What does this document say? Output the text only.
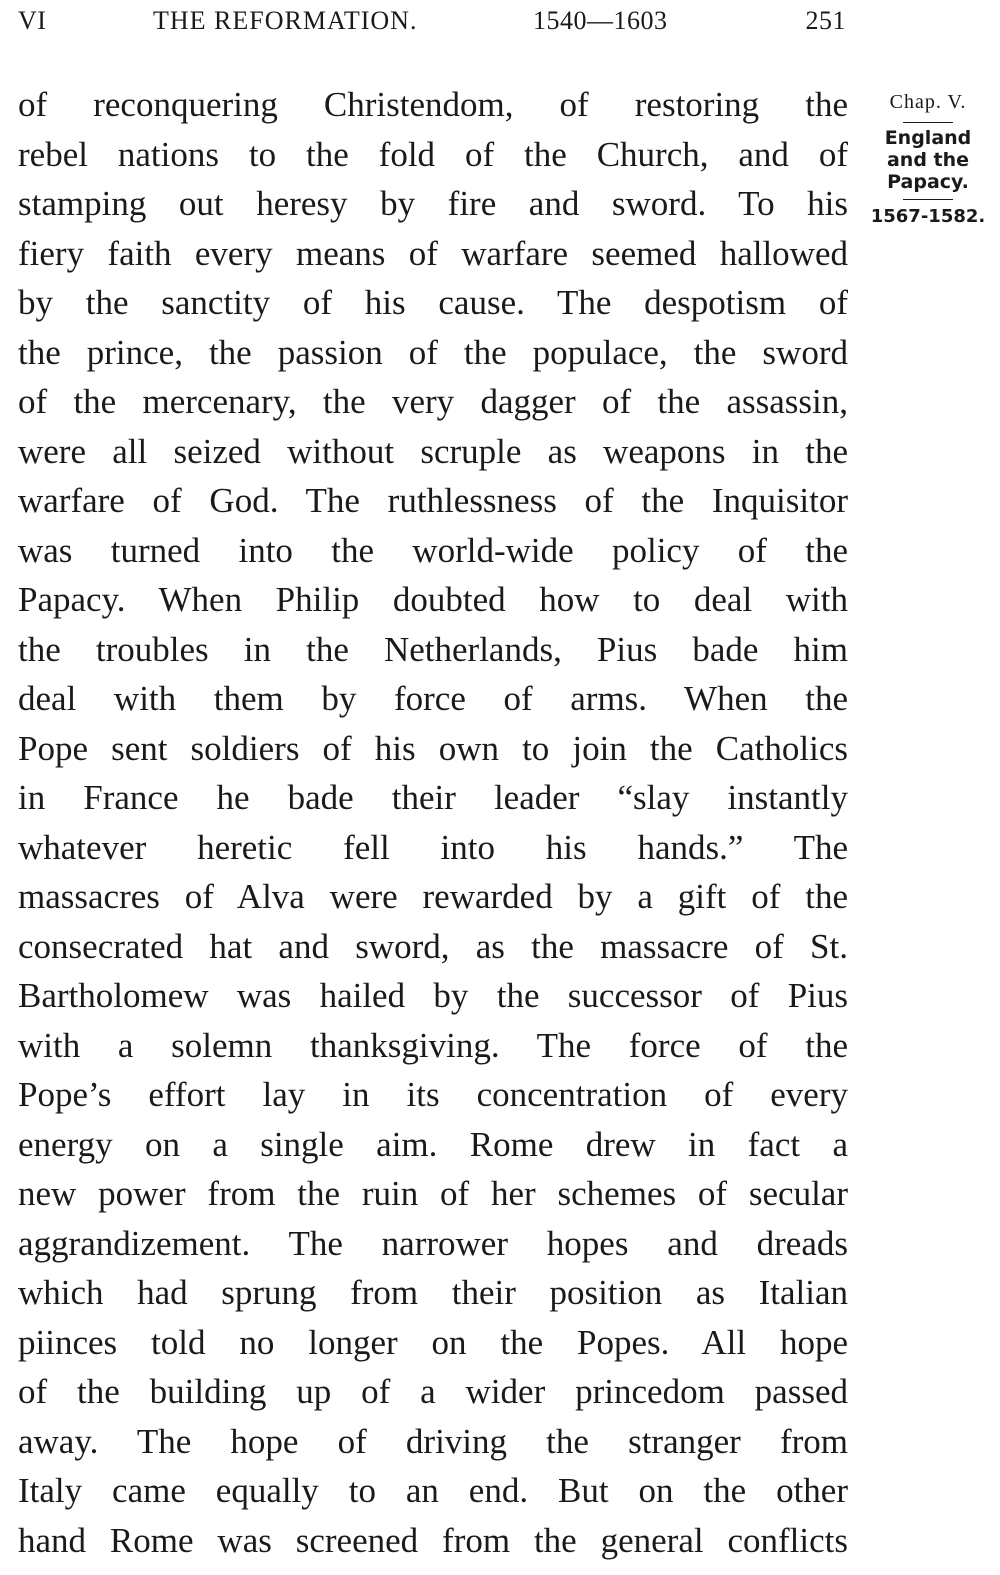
VI	THE REFORMATION.	1540—1603	251
of reconquering Christendom, of restoring the
rebel nations to the fold of the Church, and of
stamping out heresy by fire and sword. To his
fiery faith every means of warfare seemed hallowed
by the sanctity of his cause. The despotism of
the prince, the passion of the populace, the sword
of the mercenary, the very dagger of the assassin,
were all seized without scruple as weapons in the
warfare of God. The ruthlessness of the Inquisitor
was turned into the world-wide policy of the
Papacy. When Philip doubted how to deal with
the troubles in the Netherlands, Pius bade him
deal with them by force of arms. When the
Pope sent soldiers of his own to join the Catholics
in France he bade their leader “slay instantly
whatever heretic fell into his hands.” The
massacres of Alva were rewarded by a gift of the
consecrated hat and sword, as the massacre of St.
Bartholomew was hailed by the successor of Pius
with a solemn thanksgiving. The force of the
Pope’s effort lay in its concentration of every
energy on a single aim. Rome drew in fact a
new power from the ruin of her schemes of secular
aggrandizement. The narrower hopes and dreads
which had sprung from their position as Italian
piinces told no longer on the Popes. All hope
of the building up of a wider princedom passed
away. The hope of driving the stranger from
Italy came equally to an end. But on the other
hand Rome was screened from the general conflicts
Chap. V.
England
and the
Papacy.
1567-1582.
